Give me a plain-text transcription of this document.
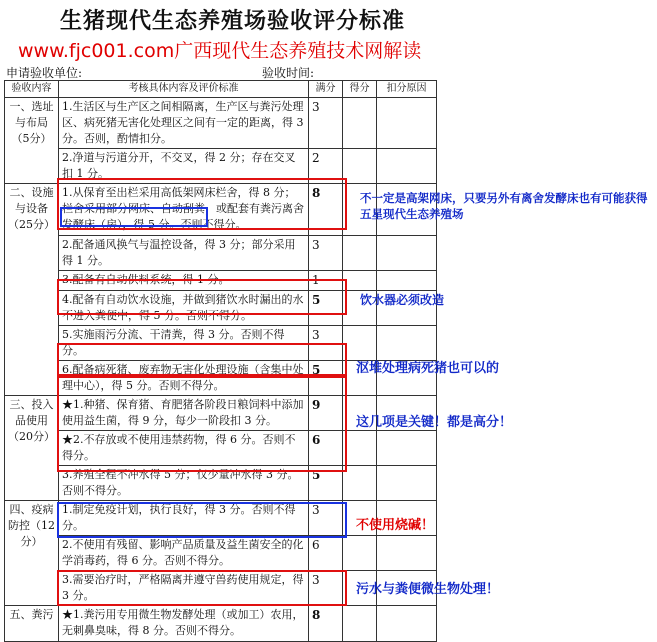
生猪现代生态养殖场验收评分标准
www.fjc001.com广西现代生态养殖技术网解读
申请验收单位:	验收时间:
验收内容	考核具体内容及评价标准	满分	得分	扣分原因
一、选址与布局（5分）	1.生活区与生产区之间相隔离，生产区与粪污处理区、病死猪无害化处理区之间有一定的距离，得 3 分。否则，酌情扣分。	3		
	2.净道与污道分开，不交叉，得 2 分；存在交叉扣 1 分。	2		
二、设施与设备（25分）	1.从保育至出栏采用高低架网床栏舍，得 8 分；栏舍采用部分网床、自动刮粪，或配套有粪污离舍发酵床（房），得 5 分。否则不得分。	8		
	2.配备通风换气与温控设备，得 3 分；部分采用得 1 分。	3		
	3.配备有自动供料系统，得 1 分。	1		
	4.配备有自动饮水设施，并做到猪饮水时漏出的水不进入粪便中，得 5 分。否则不得分。	5		
	5.实施雨污分流、干清粪，得 3 分。否则不得分。	3		
	6.配备病死猪、废弃物无害化处理设施（含集中处理中心），得 5 分。否则不得分。	5		
三、投入品使用（20分）	★1.种猪、保育猪、育肥猪各阶段日粮饲料中添加使用益生菌，得 9 分，每少一阶段扣 3 分。	9		
	★2.不存放或不使用违禁药物，得 6 分。否则不得分。	6		
	3.养殖全程不冲水得 5 分；仅少量冲水得 3 分。否则不得分。	5		
四、疫病防控（12分）	1.制定免疫计划，执行良好，得 3 分。否则不得分。	3		
	2.不使用有残留、影响产品质量及益生菌安全的化学消毒药，得 6 分。否则不得分。	6		
	3.需要治疗时，严格隔离并遵守兽药使用规定，得 3 分。	3		
五、粪污	★1.粪污用专用微生物发酵处理（或加工）农用，无刺鼻臭味，得 8 分。否则不得分。	8		
不一定是高架网床，只要另外有离舍发酵床也有可能获得五星现代生态养殖场
饮水器必须改造
沤堆处理病死猪也可以的
这几项是关键！都是高分！
不使用烧碱！
污水与粪便微生物处理！
